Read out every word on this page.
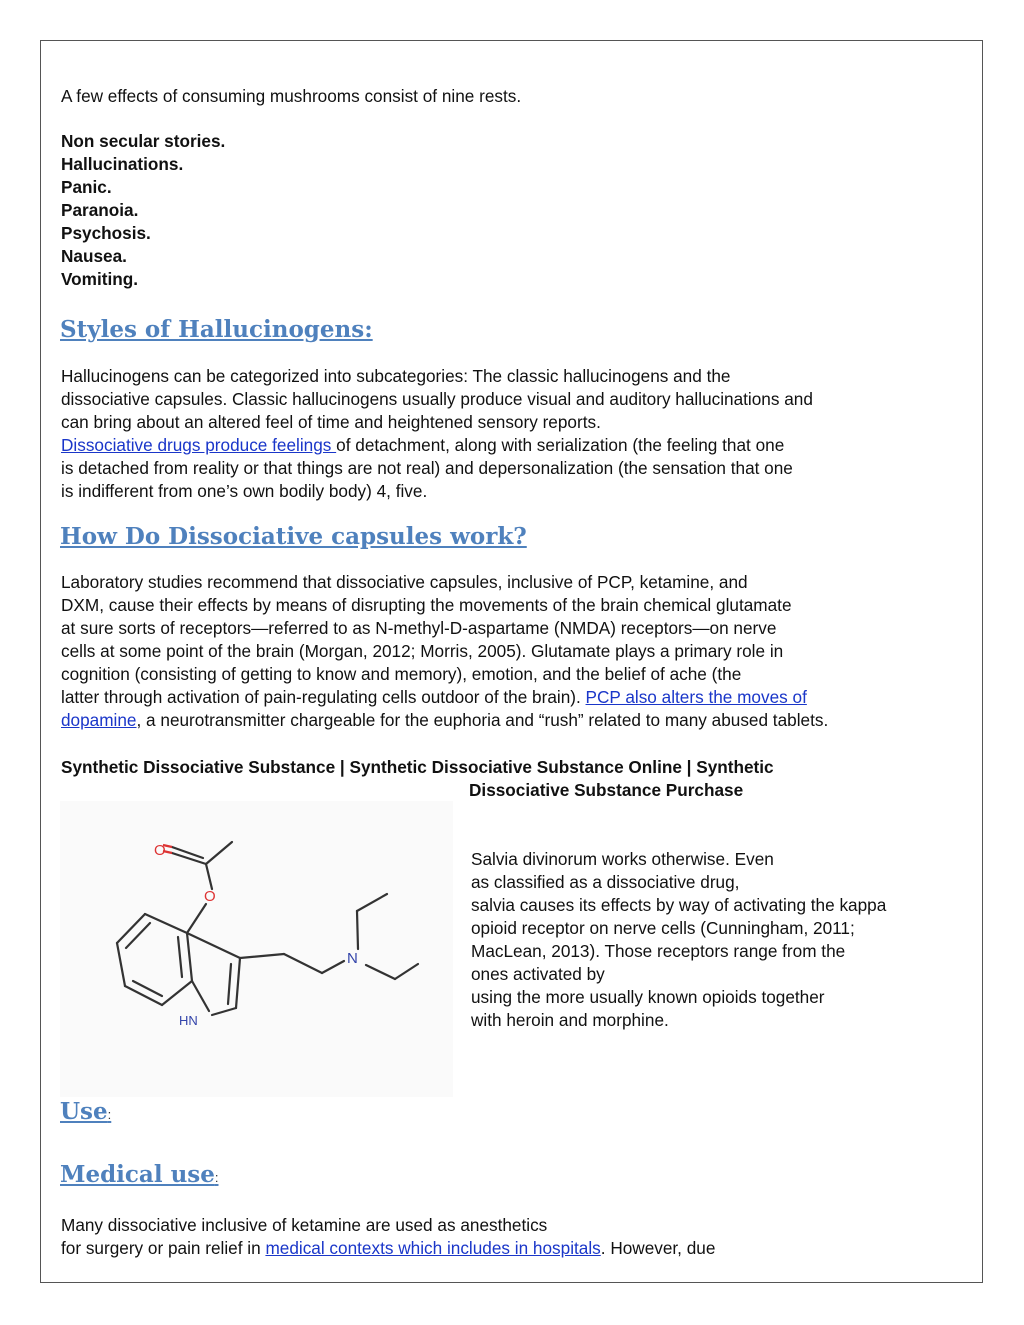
A few effects of consuming mushrooms consist of nine rests.
Non secular stories.
Hallucinations.
Panic.
Paranoia.
Psychosis.
Nausea.
Vomiting.
Styles of Hallucinogens:
Hallucinogens can be categorized into subcategories: The classic hallucinogens and the
dissociative capsules. Classic hallucinogens usually produce visual and auditory hallucinations and
can bring about an altered feel of time and heightened sensory reports.
Dissociative drugs produce feelings of detachment, along with serialization (the feeling that one
is detached from reality or that things are not real) and depersonalization (the sensation that one
is indifferent from one’s own bodily body) 4, five.
How Do Dissociative capsules work?
Laboratory studies recommend that dissociative capsules, inclusive of PCP, ketamine, and
DXM, cause their effects by means of disrupting the movements of the brain chemical glutamate
at sure sorts of receptors—referred to as N-methyl-D-aspartame (NMDA) receptors—on nerve
cells at some point of the brain (Morgan, 2012; Morris, 2005). Glutamate plays a primary role in
cognition (consisting of getting to know and memory), emotion, and the belief of ache (the
latter through activation of pain-regulating cells outdoor of the brain). PCP also alters the moves of
dopamine, a neurotransmitter chargeable for the euphoria and “rush” related to many abused tablets.
Synthetic Dissociative Substance | Synthetic Dissociative Substance Online | Synthetic
Dissociative Substance Purchase
O
O
N
HN
Salvia divinorum works otherwise. Even
as classified as a dissociative drug,
salvia causes its effects by way of activating the kappa
opioid receptor on nerve cells (Cunningham, 2011;
MacLean, 2013). Those receptors range from the
ones activated by
using the more usually known opioids together
with heroin and morphine.
Use:
Medical use:
Many dissociative inclusive of ketamine are used as anesthetics
for surgery or pain relief in medical contexts which includes in hospitals. However, due
